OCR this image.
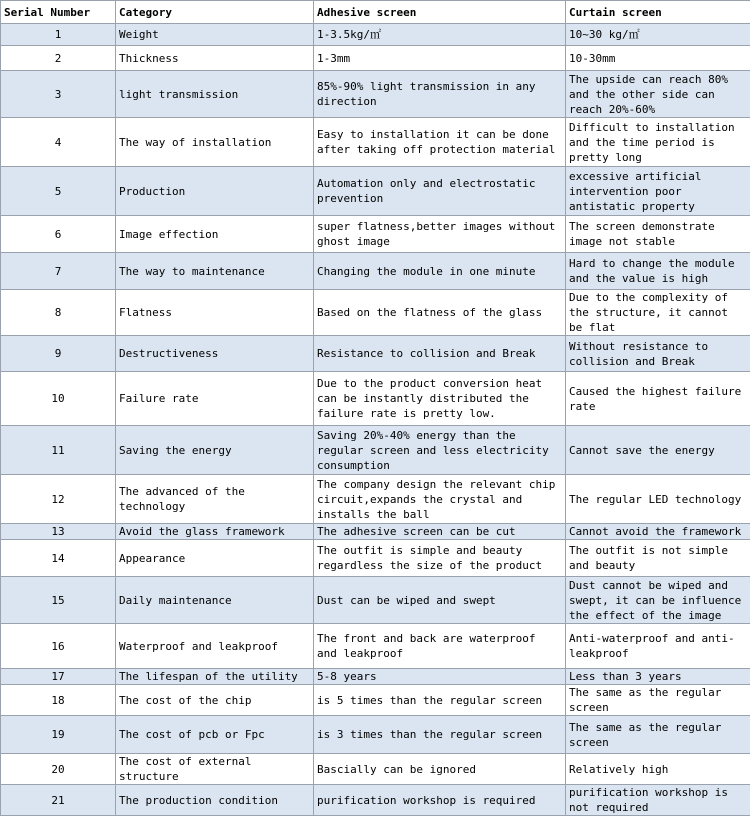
Serial Number	Category	Adhesive screen	Curtain screen
1	Weight	1-3.5kg/㎡	10~30 kg/㎡
2	Thickness	1-3mm	10-30mm
3	light transmission	85%-90% light transmission in any direction	The upside can reach 80% and the other side can reach 20%-60%
4	The way of installation	Easy to installation it can be done after taking off protection material	Difficult to installation and the time period is pretty long
5	Production	Automation only and electrostatic prevention	excessive artificial intervention poor antistatic property
6	Image effection	super flatness,better images without ghost image	The screen demonstrate image not stable
7	The way to maintenance	Changing the module in one minute	Hard to change the module and the value is high
8	Flatness	Based on the flatness of the glass	Due to the complexity of the structure, it cannot be flat
9	Destructiveness	Resistance to collision and Break	Without resistance to collision and Break
10	Failure rate	Due to the product conversion heat can be instantly distributed the failure rate is pretty low.	Caused the highest failure rate
11	Saving the energy	Saving 20%-40% energy than the regular screen and less electricity consumption	Cannot save the energy
12	The advanced of the technology	The company design the relevant chip circuit,expands the crystal and installs the ball	The regular LED technology
13	Avoid the glass framework	The adhesive screen can be cut	Cannot avoid the framework
14	Appearance	The outfit is simple and beauty regardless the size of the product	The outfit is not simple and beauty
15	Daily maintenance	Dust can be wiped and swept	Dust cannot be wiped and swept, it can be influence the effect of the image
16	Waterproof and leakproof	The front and back are waterproof and leakproof	Anti-waterproof and anti-leakproof
17	The lifespan of the utility	5-8 years	Less than 3 years
18	The cost of the chip	is 5 times than the regular screen	The same as the regular screen
19	The cost of pcb or Fpc	is 3 times than the regular screen	The same as the regular screen
20	The cost of external structure	Bascially can be ignored	Relatively high
21	The production condition	purification workshop is required	purification workshop is not required
